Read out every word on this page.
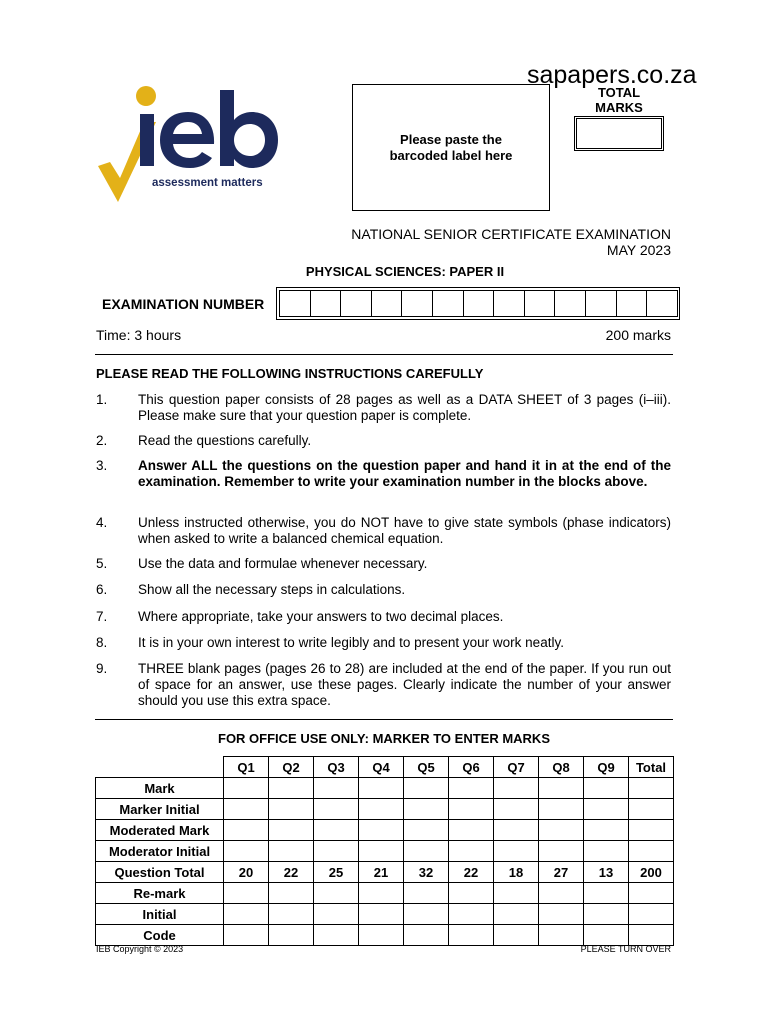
sapapers.co.za
assessment matters
Please paste the barcoded label here
TOTAL MARKS
NATIONAL SENIOR CERTIFICATE EXAMINATION
MAY 2023
PHYSICAL SCIENCES: PAPER II
EXAMINATION NUMBER
Time: 3 hours	200 marks
PLEASE READ THE FOLLOWING INSTRUCTIONS CAREFULLY
1.	This question paper consists of 28 pages as well as a DATA SHEET of 3 pages (i–iii). Please make sure that your question paper is complete.
2.	Read the questions carefully.
3.	Answer ALL the questions on the question paper and hand it in at the end of the examination. Remember to write your examination number in the blocks above.
4.	Unless instructed otherwise, you do NOT have to give state symbols (phase indicators) when asked to write a balanced chemical equation.
5.	Use the data and formulae whenever necessary.
6.	Show all the necessary steps in calculations.
7.	Where appropriate, take your answers to two decimal places.
8.	It is in your own interest to write legibly and to present your work neatly.
9.	THREE blank pages (pages 26 to 28) are included at the end of the paper. If you run out of space for an answer, use these pages. Clearly indicate the number of your answer should you use this extra space.
FOR OFFICE USE ONLY: MARKER TO ENTER MARKS
	Q1	Q2	Q3	Q4	Q5	Q6	Q7	Q8	Q9	Total
Mark										
Marker Initial										
Moderated Mark										
Moderator Initial										
Question Total	20	22	25	21	32	22	18	27	13	200
Re-mark										
Initial										
Code										
IEB Copyright © 2023	PLEASE TURN OVER
